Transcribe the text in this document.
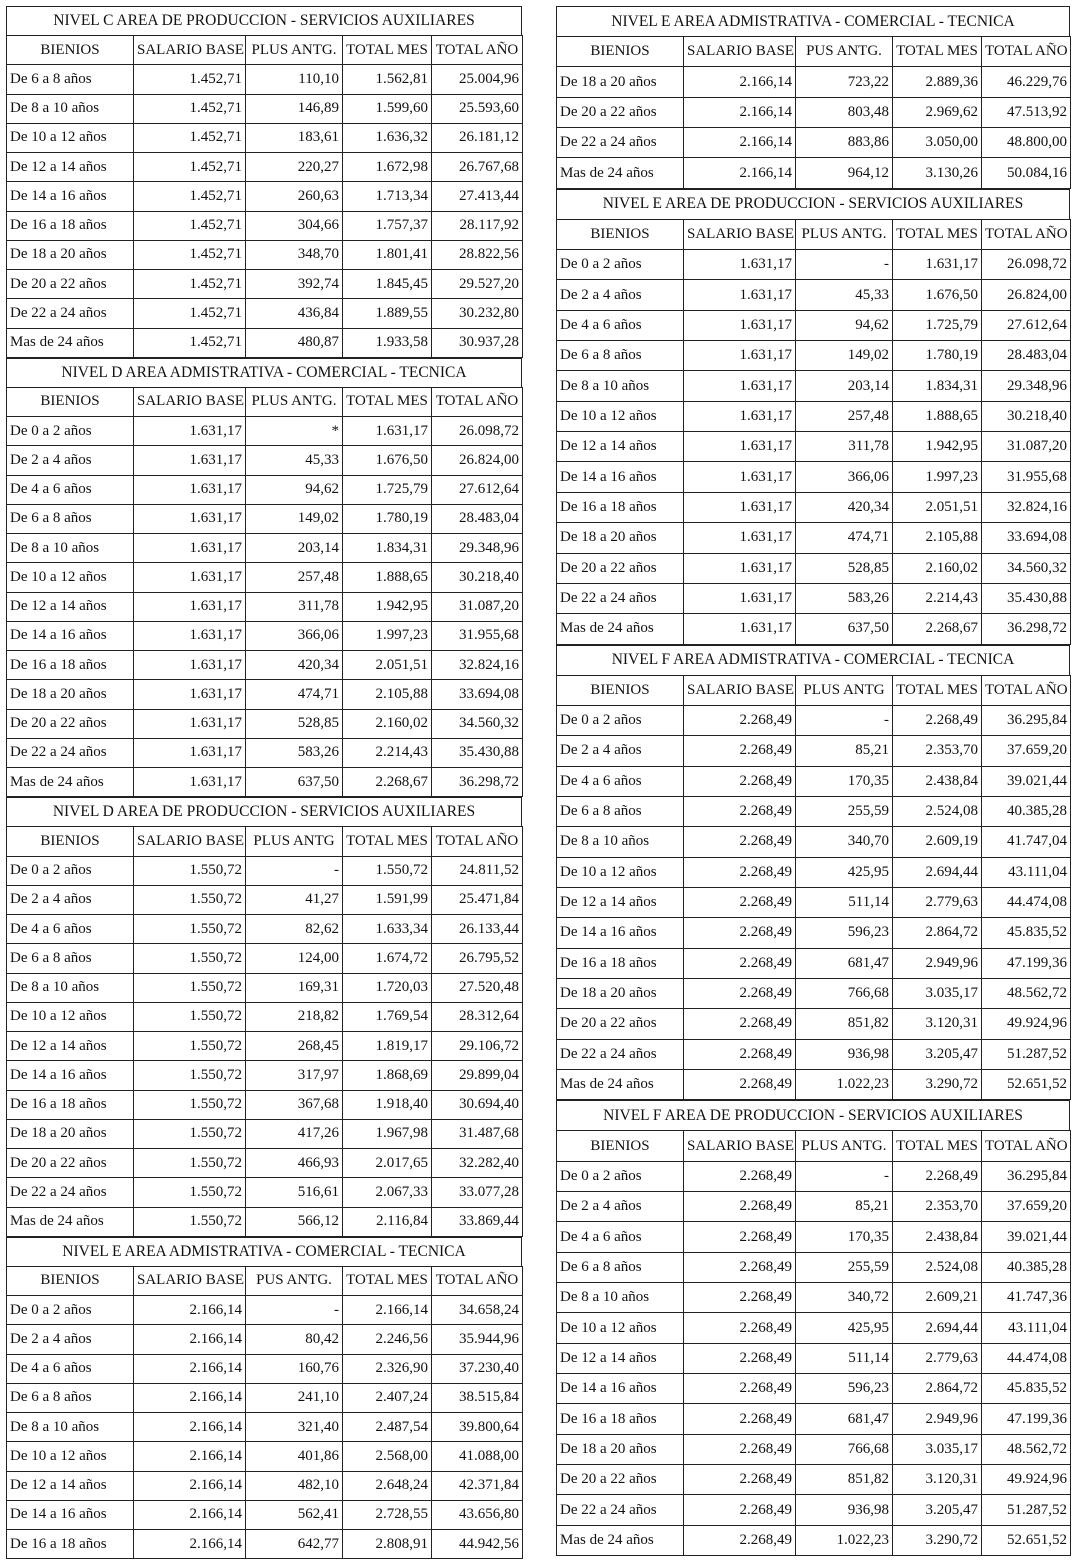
NIVEL C AREA DE PRODUCCION - SERVICIOS AUXILIARES
BIENIOS	SALARIO BASE	PLUS ANTG.	TOTAL MES	TOTAL AÑO
De 6 a 8 años	1.452,71	110,10	1.562,81	25.004,96
De 8 a 10 años	1.452,71	146,89	1.599,60	25.593,60
De 10 a 12 años	1.452,71	183,61	1.636,32	26.181,12
De 12 a 14 años	1.452,71	220,27	1.672,98	26.767,68
De 14 a 16 años	1.452,71	260,63	1.713,34	27.413,44
De 16 a 18 años	1.452,71	304,66	1.757,37	28.117,92
De 18 a 20 años	1.452,71	348,70	1.801,41	28.822,56
De 20 a 22 años	1.452,71	392,74	1.845,45	29.527,20
De 22 a 24 años	1.452,71	436,84	1.889,55	30.232,80
Mas de 24 años	1.452,71	480,87	1.933,58	30.937,28
NIVEL D AREA ADMISTRATIVA - COMERCIAL - TECNICA
BIENIOS	SALARIO BASE	PLUS ANTG.	TOTAL MES	TOTAL AÑO
De 0 a 2 años	1.631,17	*	1.631,17	26.098,72
De 2 a 4 años	1.631,17	45,33	1.676,50	26.824,00
De 4 a 6 años	1.631,17	94,62	1.725,79	27.612,64
De 6 a 8 años	1.631,17	149,02	1.780,19	28.483,04
De 8 a 10 años	1.631,17	203,14	1.834,31	29.348,96
De 10 a 12 años	1.631,17	257,48	1.888,65	30.218,40
De 12 a 14 años	1.631,17	311,78	1.942,95	31.087,20
De 14 a 16 años	1.631,17	366,06	1.997,23	31.955,68
De 16 a 18 años	1.631,17	420,34	2.051,51	32.824,16
De 18 a 20 años	1.631,17	474,71	2.105,88	33.694,08
De 20 a 22 años	1.631,17	528,85	2.160,02	34.560,32
De 22 a 24 años	1.631,17	583,26	2.214,43	35.430,88
Mas de 24 años	1.631,17	637,50	2.268,67	36.298,72
NIVEL D AREA DE PRODUCCION - SERVICIOS AUXILIARES
BIENIOS	SALARIO BASE	PLUS ANTG	TOTAL MES	TOTAL AÑO
De 0 a 2 años	1.550,72	-	1.550,72	24.811,52
De 2 a 4 años	1.550,72	41,27	1.591,99	25.471,84
De 4 a 6 años	1.550,72	82,62	1.633,34	26.133,44
De 6 a 8 años	1.550,72	124,00	1.674,72	26.795,52
De 8 a 10 años	1.550,72	169,31	1.720,03	27.520,48
De 10 a 12 años	1.550,72	218,82	1.769,54	28.312,64
De 12 a 14 años	1.550,72	268,45	1.819,17	29.106,72
De 14 a 16 años	1.550,72	317,97	1.868,69	29.899,04
De 16 a 18 años	1.550,72	367,68	1.918,40	30.694,40
De 18 a 20 años	1.550,72	417,26	1.967,98	31.487,68
De 20 a 22 años	1.550,72	466,93	2.017,65	32.282,40
De 22 a 24 años	1.550,72	516,61	2.067,33	33.077,28
Mas de 24 años	1.550,72	566,12	2.116,84	33.869,44
NIVEL E AREA ADMISTRATIVA - COMERCIAL - TECNICA
BIENIOS	SALARIO BASE	PUS ANTG.	TOTAL MES	TOTAL AÑO
De 0 a 2 años	2.166,14	-	2.166,14	34.658,24
De 2 a 4 años	2.166,14	80,42	2.246,56	35.944,96
De 4 a 6 años	2.166,14	160,76	2.326,90	37.230,40
De 6 a 8 años	2.166,14	241,10	2.407,24	38.515,84
De 8 a 10 años	2.166,14	321,40	2.487,54	39.800,64
De 10 a 12 años	2.166,14	401,86	2.568,00	41.088,00
De 12 a 14 años	2.166,14	482,10	2.648,24	42.371,84
De 14 a 16 años	2.166,14	562,41	2.728,55	43.656,80
De 16 a 18 años	2.166,14	642,77	2.808,91	44.942,56
NIVEL E AREA ADMISTRATIVA - COMERCIAL - TECNICA
BIENIOS	SALARIO BASE	PUS ANTG.	TOTAL MES	TOTAL AÑO
De 18 a 20 años	2.166,14	723,22	2.889,36	46.229,76
De 20 a 22 años	2.166,14	803,48	2.969,62	47.513,92
De 22 a 24 años	2.166,14	883,86	3.050,00	48.800,00
Mas de 24 años	2.166,14	964,12	3.130,26	50.084,16
NIVEL E AREA DE PRODUCCION - SERVICIOS AUXILIARES
BIENIOS	SALARIO BASE	PLUS ANTG.	TOTAL MES	TOTAL AÑO
De 0 a 2 años	1.631,17	-	1.631,17	26.098,72
De 2 a 4 años	1.631,17	45,33	1.676,50	26.824,00
De 4 a 6 años	1.631,17	94,62	1.725,79	27.612,64
De 6 a 8 años	1.631,17	149,02	1.780,19	28.483,04
De 8 a 10 años	1.631,17	203,14	1.834,31	29.348,96
De 10 a 12 años	1.631,17	257,48	1.888,65	30.218,40
De 12 a 14 años	1.631,17	311,78	1.942,95	31.087,20
De 14 a 16 años	1.631,17	366,06	1.997,23	31.955,68
De 16 a 18 años	1.631,17	420,34	2.051,51	32.824,16
De 18 a 20 años	1.631,17	474,71	2.105,88	33.694,08
De 20 a 22 años	1.631,17	528,85	2.160,02	34.560,32
De 22 a 24 años	1.631,17	583,26	2.214,43	35.430,88
Mas de 24 años	1.631,17	637,50	2.268,67	36.298,72
NIVEL F AREA ADMISTRATIVA - COMERCIAL - TECNICA
BIENIOS	SALARIO BASE	PLUS ANTG	TOTAL MES	TOTAL AÑO
De 0 a 2 años	2.268,49	-	2.268,49	36.295,84
De 2 a 4 años	2.268,49	85,21	2.353,70	37.659,20
De 4 a 6 años	2.268,49	170,35	2.438,84	39.021,44
De 6 a 8 años	2.268,49	255,59	2.524,08	40.385,28
De 8 a 10 años	2.268,49	340,70	2.609,19	41.747,04
De 10 a 12 años	2.268,49	425,95	2.694,44	43.111,04
De 12 a 14 años	2.268,49	511,14	2.779,63	44.474,08
De 14 a 16 años	2.268,49	596,23	2.864,72	45.835,52
De 16 a 18 años	2.268,49	681,47	2.949,96	47.199,36
De 18 a 20 años	2.268,49	766,68	3.035,17	48.562,72
De 20 a 22 años	2.268,49	851,82	3.120,31	49.924,96
De 22 a 24 años	2.268,49	936,98	3.205,47	51.287,52
Mas de 24 años	2.268,49	1.022,23	3.290,72	52.651,52
NIVEL F AREA DE PRODUCCION - SERVICIOS AUXILIARES
BIENIOS	SALARIO BASE	PLUS ANTG.	TOTAL MES	TOTAL AÑO
De 0 a 2 años	2.268,49	-	2.268,49	36.295,84
De 2 a 4 años	2.268,49	85,21	2.353,70	37.659,20
De 4 a 6 años	2.268,49	170,35	2.438,84	39.021,44
De 6 a 8 años	2.268,49	255,59	2.524,08	40.385,28
De 8 a 10 años	2.268,49	340,72	2.609,21	41.747,36
De 10 a 12 años	2.268,49	425,95	2.694,44	43.111,04
De 12 a 14 años	2.268,49	511,14	2.779,63	44.474,08
De 14 a 16 años	2.268,49	596,23	2.864,72	45.835,52
De 16 a 18 años	2.268,49	681,47	2.949,96	47.199,36
De 18 a 20 años	2.268,49	766,68	3.035,17	48.562,72
De 20 a 22 años	2.268,49	851,82	3.120,31	49.924,96
De 22 a 24 años	2.268,49	936,98	3.205,47	51.287,52
Mas de 24 años	2.268,49	1.022,23	3.290,72	52.651,52
